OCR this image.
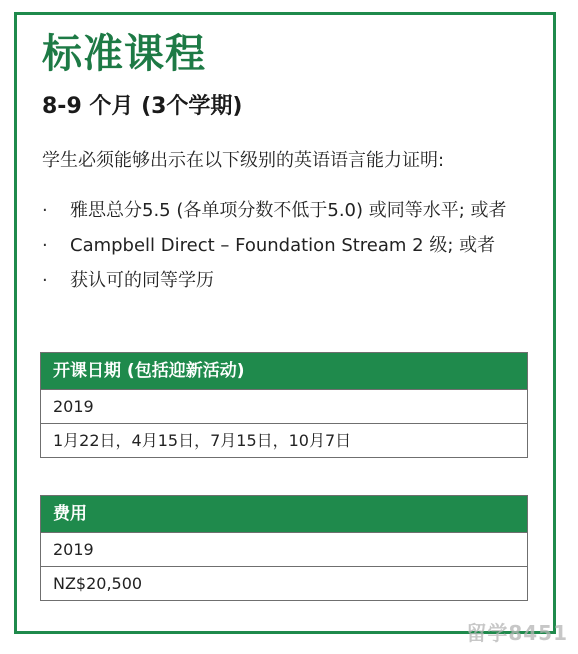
标准课程
8-9 个月 (3个学期)
学生必须能够出示在以下级别的英语语言能力证明:
· 雅思总分5.5 (各单项分数不低于5.0) 或同等水平; 或者
· Campbell Direct – Foundation Stream 2 级; 或者
· 获认可的同等学历
开课日期 (包括迎新活动)
2019
1月22日，4月15日，7月15日，10月7日
费用
2019
NZ$20,500
留学8451
